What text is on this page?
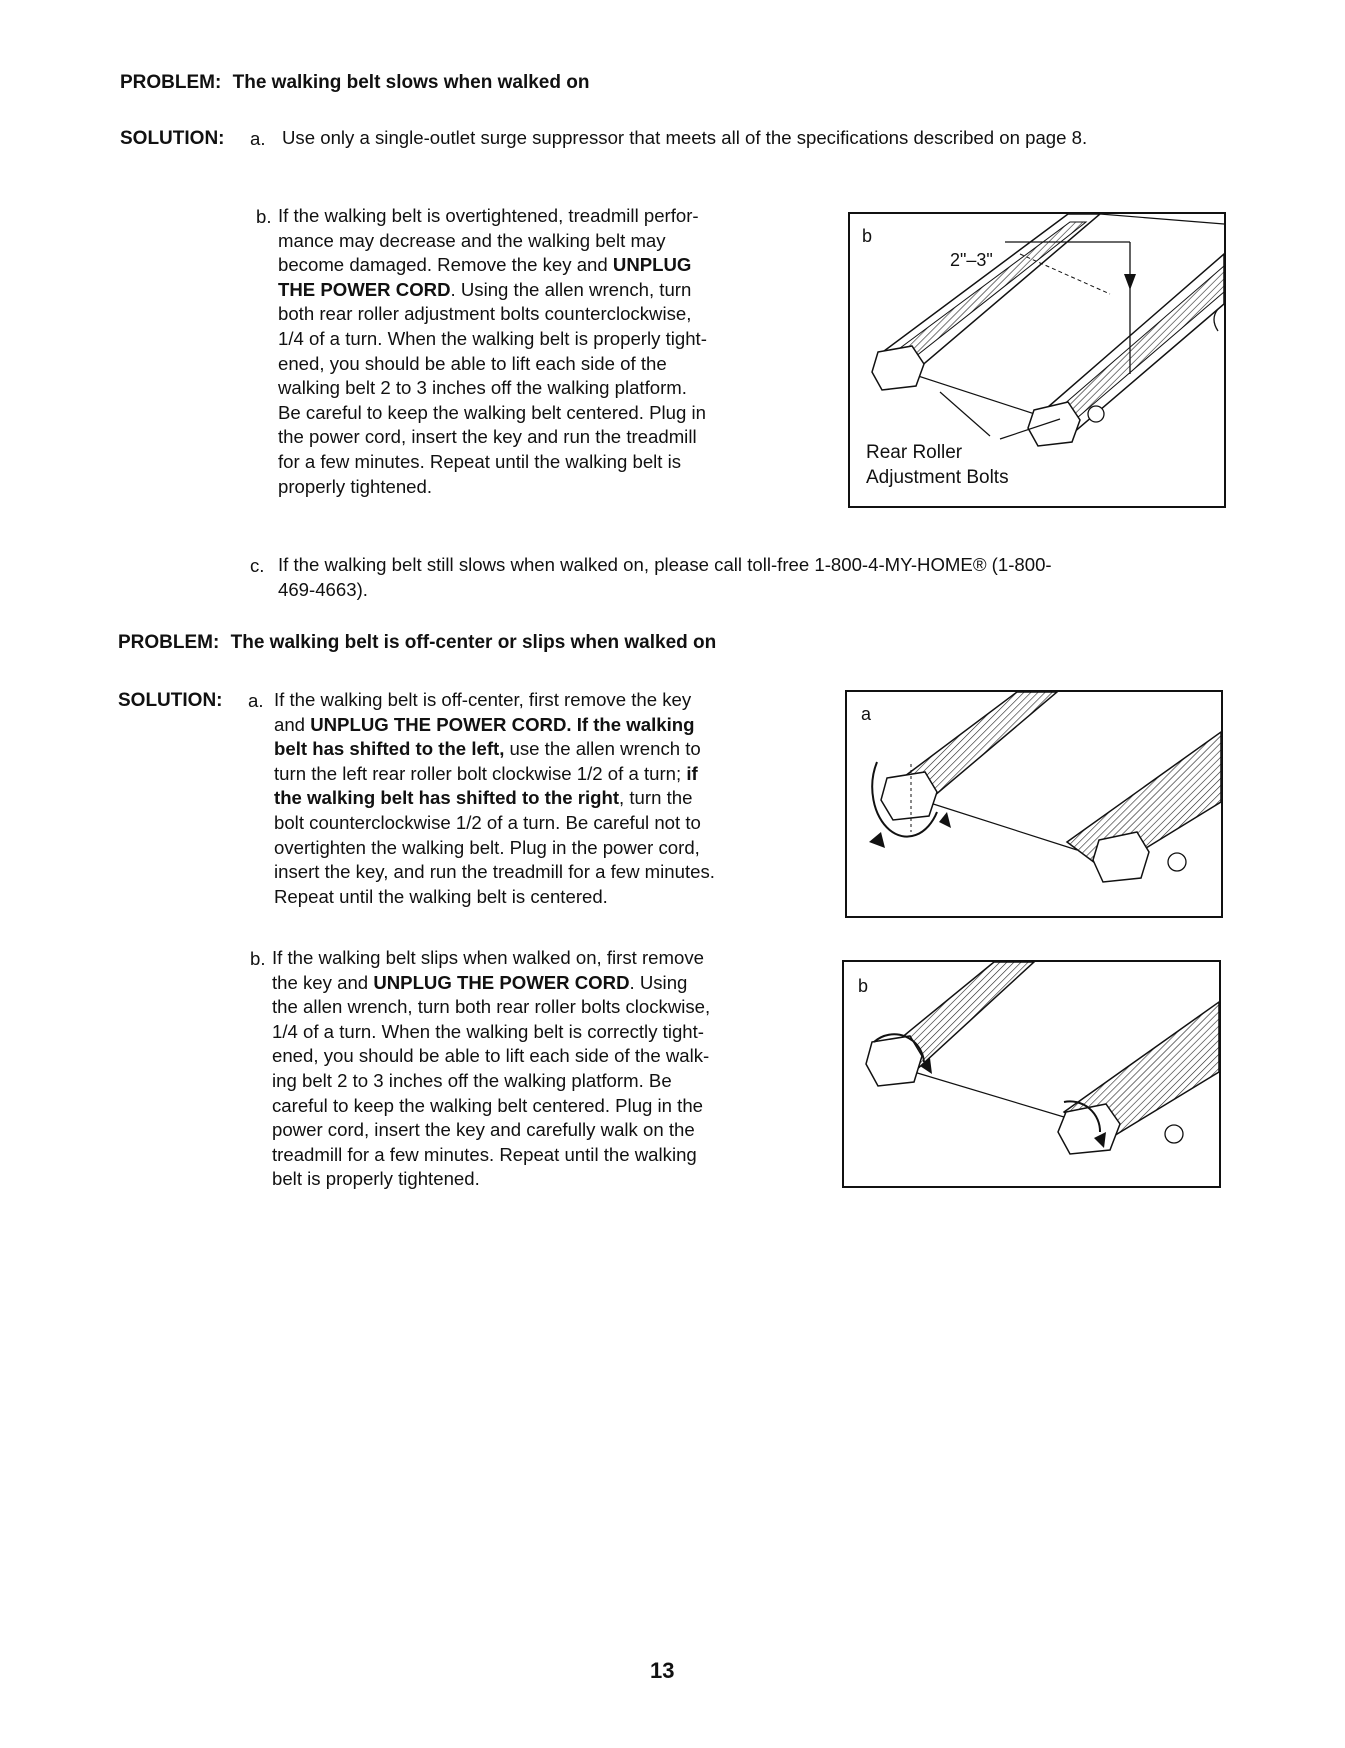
PROBLEM: The walking belt slows when walked on
SOLUTION: a. Use only a single-outlet surge suppressor that meets all of the specifications described on page 8.
b. If the walking belt is overtightened, treadmill perfor-
mance may decrease and the walking belt may
become damaged. Remove the key and UNPLUG
THE POWER CORD. Using the allen wrench, turn
both rear roller adjustment bolts counterclockwise,
1/4 of a turn. When the walking belt is properly tight-
ened, you should be able to lift each side of the
walking belt 2 to 3 inches off the walking platform.
Be careful to keep the walking belt centered. Plug in
the power cord, insert the key and run the treadmill
for a few minutes. Repeat until the walking belt is
properly tightened.
b
2"–3"
Rear Roller
Adjustment Bolts
c. If the walking belt still slows when walked on, please call toll-free 1-800-4-MY-HOME® (1-800-
469-4663).
PROBLEM: The walking belt is off-center or slips when walked on
SOLUTION: a. If the walking belt is off-center, first remove the key
and UNPLUG THE POWER CORD. If the walking
belt has shifted to the left, use the allen wrench to
turn the left rear roller bolt clockwise 1/2 of a turn; if
the walking belt has shifted to the right, turn the
bolt counterclockwise 1/2 of a turn. Be careful not to
overtighten the walking belt. Plug in the power cord,
insert the key, and run the treadmill for a few minutes.
Repeat until the walking belt is centered.
a
b. If the walking belt slips when walked on, first remove
the key and UNPLUG THE POWER CORD. Using
the allen wrench, turn both rear roller bolts clockwise,
1/4 of a turn. When the walking belt is correctly tight-
ened, you should be able to lift each side of the walk-
ing belt 2 to 3 inches off the walking platform. Be
careful to keep the walking belt centered. Plug in the
power cord, insert the key and carefully walk on the
treadmill for a few minutes. Repeat until the walking
belt is properly tightened.
b
13
